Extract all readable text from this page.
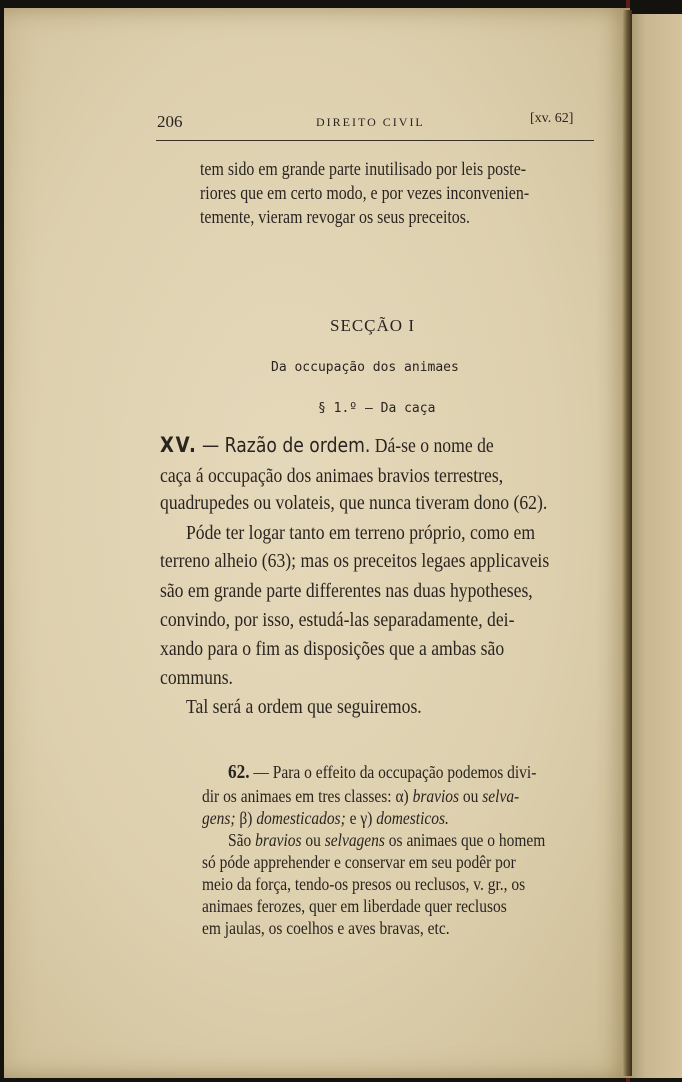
206	DIREITO CIVIL	[xv. 62]
tem sido em grande parte inutilisado por leis poste-
riores que em certo modo, e por vezes inconvenien-
temente, vieram revogar os seus preceitos.
SECÇÃO I
Da occupação dos animaes
§ 1.º — Da caça
XV. — Razão de ordem. Dá-se o nome de
caça á occupação dos animaes bravios terrestres,
quadrupedes ou volateis, que nunca tiveram dono (62).
Póde ter logar tanto em terreno próprio, como em
terreno alheio (63); mas os preceitos legaes applicaveis
são em grande parte differentes nas duas hypotheses,
convindo, por isso, estudá-las separadamente, dei-
xando para o fim as disposições que a ambas são
communs.
Tal será a ordem que seguiremos.
62. — Para o effeito da occupação podemos divi-
dir os animaes em tres classes: α) bravios ou selva-
gens; β) domesticados; e γ) domesticos.
São bravios ou selvagens os animaes que o homem
só póde apprehender e conservar em seu podêr por
meio da força, tendo-os presos ou reclusos, v. gr., os
animaes ferozes, quer em liberdade quer reclusos
em jaulas, os coelhos e aves bravas, etc.
